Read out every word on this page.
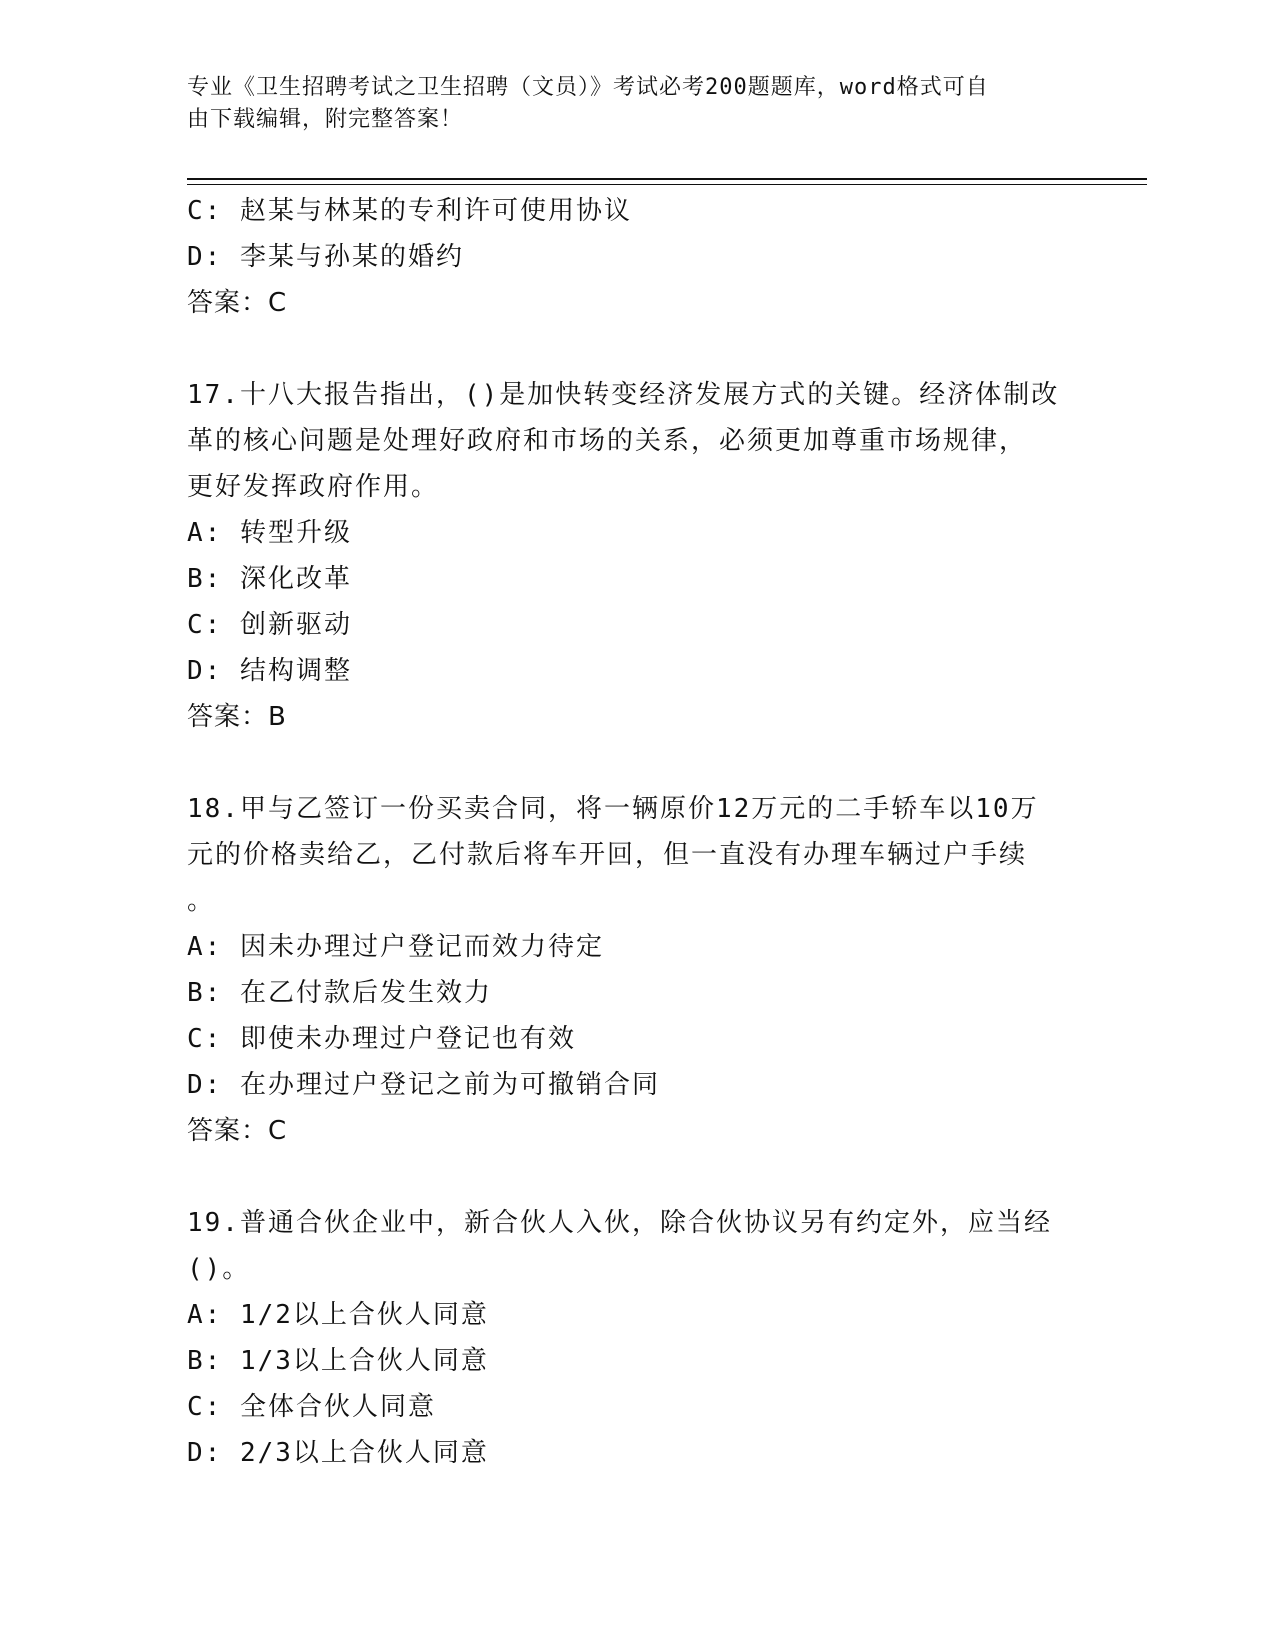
专业《卫生招聘考试之卫生招聘（文员）》考试必考200题题库，word格式可自
由下载编辑，附完整答案！
C: 赵某与林某的专利许可使用协议
D: 李某与孙某的婚约
答案：C
17.十八大报告指出，()是加快转变经济发展方式的关键。经济体制改
革的核心问题是处理好政府和市场的关系，必须更加尊重市场规律，
更好发挥政府作用。
A: 转型升级
B: 深化改革
C: 创新驱动
D: 结构调整
答案：B
18.甲与乙签订一份买卖合同，将一辆原价12万元的二手轿车以10万
元的价格卖给乙，乙付款后将车开回，但一直没有办理车辆过户手续
。
A: 因未办理过户登记而效力待定
B: 在乙付款后发生效力
C: 即使未办理过户登记也有效
D: 在办理过户登记之前为可撤销合同
答案：C
19.普通合伙企业中，新合伙人入伙，除合伙协议另有约定外，应当经
()。
A: 1/2以上合伙人同意
B: 1/3以上合伙人同意
C: 全体合伙人同意
D: 2/3以上合伙人同意
